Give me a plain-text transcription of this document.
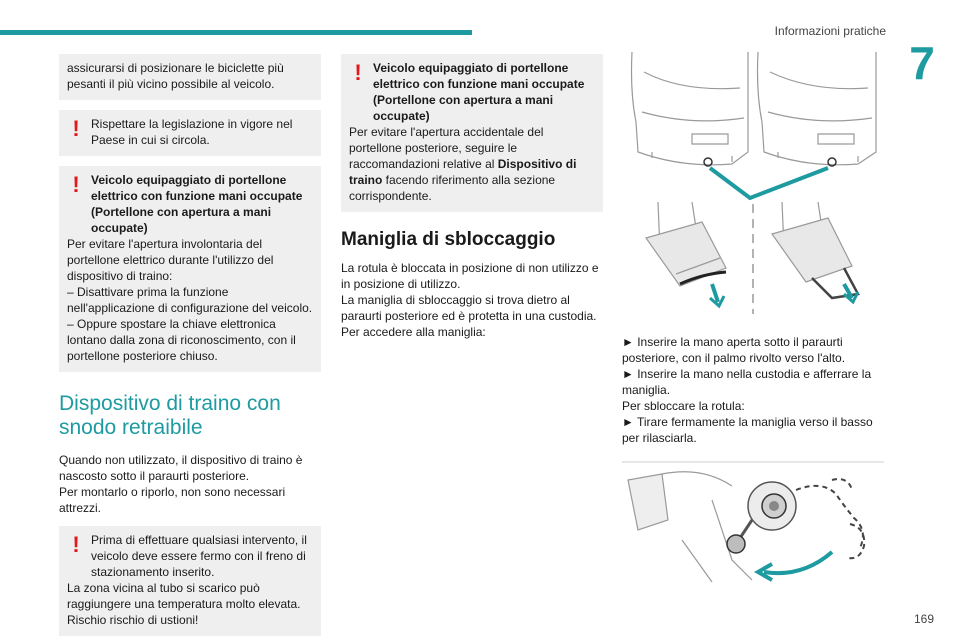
Informazioni pratiche
7
169

assicurarsi di posizionare le biciclette più pesanti il più vicino possibile al veicolo.

! Rispettare la legislazione in vigore nel Paese in cui si circola.

! Veicolo equipaggiato di portellone elettrico con funzione mani occupate (Portellone con apertura a mani occupate)

Per evitare l'apertura involontaria del portellone elettrico durante l'utilizzo del dispositivo di traino:

– Disattivare prima la funzione nell'applicazione di configurazione del veicolo.

– Oppure spostare la chiave elettronica lontano dalla zona di riconoscimento, con il portellone posteriore chiuso.

Dispositivo di traino con snodo retraibile

Quando non utilizzato, il dispositivo di traino è nascosto sotto il paraurti posteriore.

Per montarlo o riporlo, non sono necessari attrezzi.

! Prima di effettuare qualsiasi intervento, il veicolo deve essere fermo con il freno di stazionamento inserito.

La zona vicina al tubo si scarico può raggiungere una temperatura molto elevata. Rischio rischio di ustioni!

! Veicolo equipaggiato di portellone elettrico con funzione mani occupate (Portellone con apertura a mani occupate)

Per evitare l'apertura accidentale del portellone posteriore, seguire le raccomandazioni relative al Dispositivo di traino facendo riferimento alla sezione corrispondente.

Maniglia di sbloccaggio

La rotula è bloccata in posizione di non utilizzo e in posizione di utilizzo.

La maniglia di sbloccaggio si trova dietro al paraurti posteriore ed è protetta in una custodia.

Per accedere alla maniglia:

► Inserire la mano aperta sotto il paraurti posteriore, con il palmo rivolto verso l'alto.

► Inserire la mano nella custodia e afferrare la maniglia.

Per sbloccare la rotula:

► Tirare fermamente la maniglia verso il basso per rilasciarla.
